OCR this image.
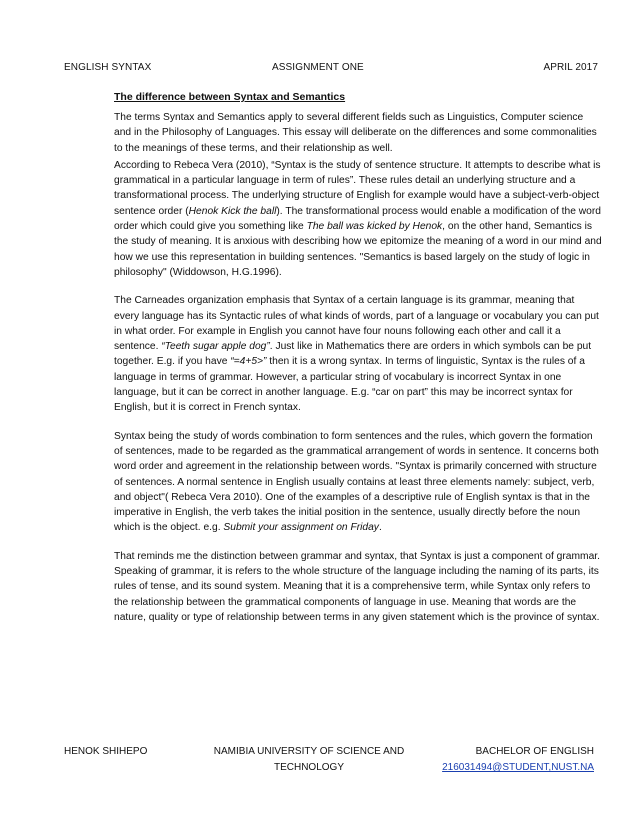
ENGLISH SYNTAX	ASSIGNMENT ONE	APRIL 2017
The difference between Syntax and Semantics

The terms Syntax and Semantics apply to several different fields such as Linguistics, Computer science and in the Philosophy of Languages. This essay will deliberate on the differences and some commonalities to the meanings of these terms, and their relationship as well.

According to Rebeca Vera (2010), “Syntax is the study of sentence structure. It attempts to describe what is grammatical in a particular language in term of rules”. These rules detail an underlying structure and a transformational process. The underlying structure of English for example would have a subject-verb-object sentence order (Henok Kick the ball). The transformational process would enable a modification of the word order which could give you something like The ball was kicked by Henok, on the other hand, Semantics is the study of meaning. It is anxious with describing how we epitomize the meaning of a word in our mind and how we use this representation in building sentences. "Semantics is based largely on the study of logic in philosophy" (Widdowson, H.G.1996).

The Carneades organization emphasis that Syntax of a certain language is its grammar, meaning that every language has its Syntactic rules of what kinds of words, part of a language or vocabulary you can put in what order. For example in English you cannot have four nouns following each other and call it a sentence. “Teeth sugar apple dog”. Just like in Mathematics there are orders in which symbols can be put together. E.g. if you have “=4+5>” then it is a wrong syntax. In terms of linguistic, Syntax is the rules of a language in terms of grammar. However, a particular string of vocabulary is incorrect Syntax in one language, but it can be correct in another language. E.g. “car on part” this may be incorrect syntax for English, but it is correct in French syntax.

Syntax being the study of words combination to form sentences and the rules, which govern the formation of sentences, made to be regarded as the grammatical arrangement of words in sentence. It concerns both word order and agreement in the relationship between words. "Syntax is primarily concerned with structure of sentences. A normal sentence in English usually contains at least three elements namely: subject, verb, and object"( Rebeca Vera 2010). One of the examples of a descriptive rule of English syntax is that in the imperative in English, the verb takes the initial position in the sentence, usually directly before the noun which is the object. e.g. Submit your assignment on Friday.

That reminds me the distinction between grammar and syntax, that Syntax is just a component of grammar. Speaking of grammar, it is refers to the whole structure of the language including the naming of its parts, its rules of tense, and its sound system. Meaning that it is a comprehensive term, while Syntax only refers to the relationship between the grammatical components of language in use. Meaning that words are the nature, quality or type of relationship between terms in any given statement which is the province of syntax.

HENOK SHIHEPO	NAMIBIA UNIVERSITY OF SCIENCE AND TECHNOLOGY
BACHELOR OF ENGLISH
216031494@STUDENT,NUST.NA
